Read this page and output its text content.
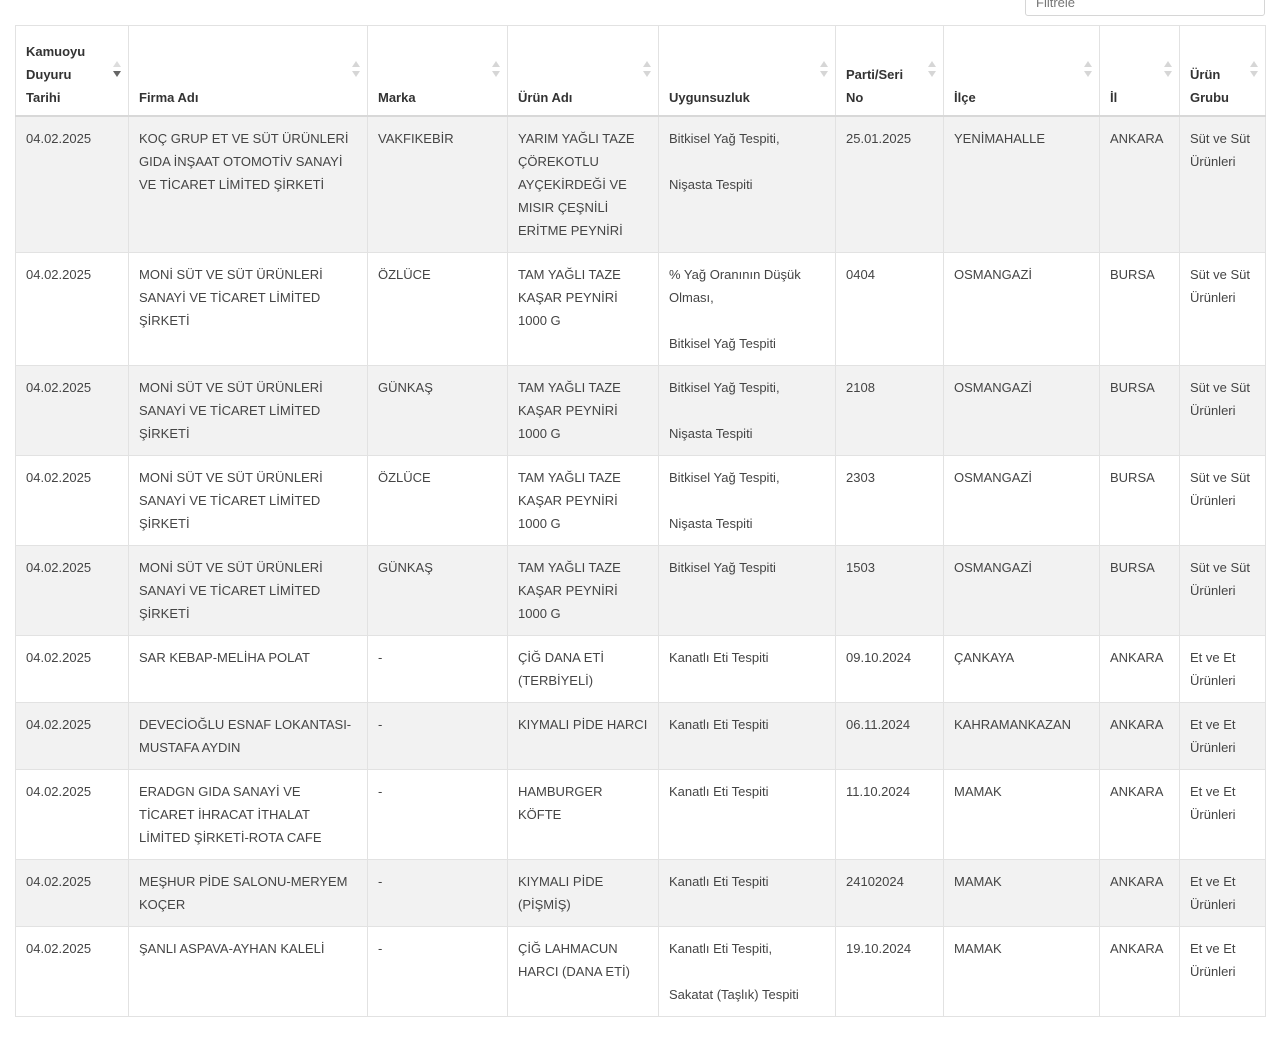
Filtrele
Kamuoyu Duyuru Tarihi	Firma Adı	Marka	Ürün Adı	Uygunsuzluk	Parti/Seri No	İlçe	İl	Ürün Grubu

04.02.2025	KOÇ GRUP ET VE SÜT ÜRÜNLERİ GIDA İNŞAAT OTOMOTİV SANAYİ VE TİCARET LİMİTED ŞİRKETİ	VAKFIKEBİR	YARIM YAĞLI TAZE ÇÖREKOTLU AYÇEKİRDEĞİ VE MISIR ÇEŞNİLİ ERİTME PEYNİRİ	Bitkisel Yağ Tespiti,
Nişasta Tespiti	25.01.2025	YENİMAHALLE	ANKARA	Süt ve Süt Ürünleri
04.02.2025	MONİ SÜT VE SÜT ÜRÜNLERİ SANAYİ VE TİCARET LİMİTED ŞİRKETİ	ÖZLÜCE	TAM YAĞLI TAZE KAŞAR PEYNİRİ 1000 G	% Yağ Oranının Düşük Olması,
Bitkisel Yağ Tespiti	0404	OSMANGAZİ	BURSA	Süt ve Süt Ürünleri
04.02.2025	MONİ SÜT VE SÜT ÜRÜNLERİ SANAYİ VE TİCARET LİMİTED ŞİRKETİ	GÜNKAŞ	TAM YAĞLI TAZE KAŞAR PEYNİRİ 1000 G	Bitkisel Yağ Tespiti,
Nişasta Tespiti	2108	OSMANGAZİ	BURSA	Süt ve Süt Ürünleri
04.02.2025	MONİ SÜT VE SÜT ÜRÜNLERİ SANAYİ VE TİCARET LİMİTED ŞİRKETİ	ÖZLÜCE	TAM YAĞLI TAZE KAŞAR PEYNİRİ 1000 G	Bitkisel Yağ Tespiti,
Nişasta Tespiti	2303	OSMANGAZİ	BURSA	Süt ve Süt Ürünleri
04.02.2025	MONİ SÜT VE SÜT ÜRÜNLERİ SANAYİ VE TİCARET LİMİTED ŞİRKETİ	GÜNKAŞ	TAM YAĞLI TAZE KAŞAR PEYNİRİ 1000 G	Bitkisel Yağ Tespiti	1503	OSMANGAZİ	BURSA	Süt ve Süt Ürünleri
04.02.2025	SAR KEBAP-MELİHA POLAT	-	ÇİĞ DANA ETİ (TERBİYELİ)	Kanatlı Eti Tespiti	09.10.2024	ÇANKAYA	ANKARA	Et ve Et Ürünleri
04.02.2025	DEVECİOĞLU ESNAF LOKANTASI-MUSTAFA AYDIN	-	KIYMALI PİDE HARCI	Kanatlı Eti Tespiti	06.11.2024	KAHRAMANKAZAN	ANKARA	Et ve Et Ürünleri
04.02.2025	ERADGN GIDA SANAYİ VE TİCARET İHRACAT İTHALAT LİMİTED ŞİRKETİ-ROTA CAFE	-	HAMBURGER KÖFTE	Kanatlı Eti Tespiti	11.10.2024	MAMAK	ANKARA	Et ve Et Ürünleri
04.02.2025	MEŞHUR PİDE SALONU-MERYEM KOÇER	-	KIYMALI PİDE (PİŞMİŞ)	Kanatlı Eti Tespiti	24102024	MAMAK	ANKARA	Et ve Et Ürünleri
04.02.2025	ŞANLI ASPAVA-AYHAN KALELİ	-	ÇİĞ LAHMACUN HARCI (DANA ETİ)	Kanatlı Eti Tespiti,
Sakatat (Taşlık) Tespiti	19.10.2024	MAMAK	ANKARA	Et ve Et Ürünleri
